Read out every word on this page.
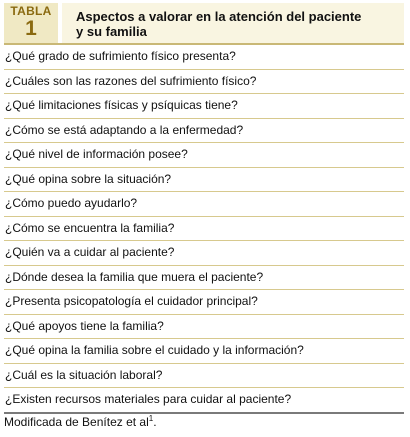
TABLA
1
Aspectos a valorar en la atención del paciente
y su familia
¿Qué grado de sufrimiento físico presenta?
¿Cuáles son las razones del sufrimiento físico?
¿Qué limitaciones físicas y psíquicas tiene?
¿Cómo se está adaptando a la enfermedad?
¿Qué nivel de información posee?
¿Qué opina sobre la situación?
¿Cómo puedo ayudarlo?
¿Cómo se encuentra la familia?
¿Quién va a cuidar al paciente?
¿Dónde desea la familia que muera el paciente?
¿Presenta psicopatología el cuidador principal?
¿Qué apoyos tiene la familia?
¿Qué opina la familia sobre el cuidado y la información?
¿Cuál es la situación laboral?
¿Existen recursos materiales para cuidar al paciente?
Modificada de Benítez et $al^1$.
